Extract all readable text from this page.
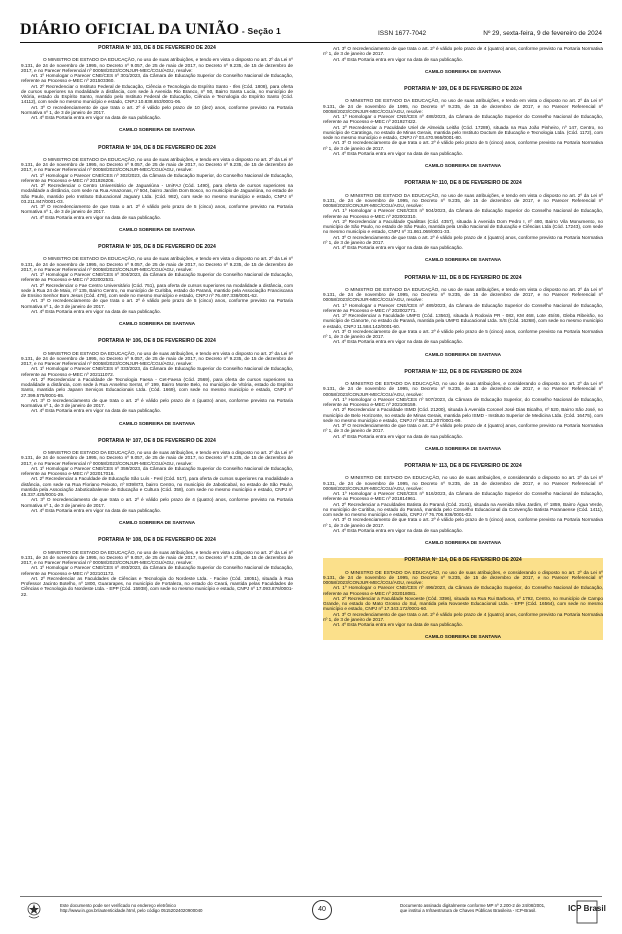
DIÁRIO OFICIAL DA UNIÃO - Seção 1	ISSN 1677-7042	Nº 29, sexta-feira, 9 de fevereiro de 2024
PORTARIA Nº 103, DE 8 DE FEVEREIRO DE 2024

O MINISTRO DE ESTADO DA EDUCAÇÃO, no uso de suas atribuições, e tendo em vista o disposto no art. 2º da Lei nº 9.131, de 24 de novembro de 1995, no Decreto nº 9.057, de 25 de maio de 2017, no Decreto nº 9.235, de 15 de dezembro de 2017, e no Parecer Referencial nº 00058/2023/CONJUR-MEC/CGU/AGU, resolve:

Art. 1º Homologar o Parecer CNE/CES nº 301/2023, da Câmara de Educação Superior do Conselho Nacional de Educação, referente ao Processo e-MEC nº 201503360.

Art. 2º Recredenciar o Instituto Federal de Educação, Ciência e Tecnologia do Espírito Santo - Ifes (Cód. 1808), para oferta de cursos superiores na modalidade a distância, com sede à Avenida Rio Branco, nº 50, Bairro Santa Lucia, no município de Vitória, estado do Espírito Santo, mantido pelo Instituto Federal de Educação, Ciência e Tecnologia do Espírito Santo (Cód. 14112), com sede no mesmo município e estado, CNPJ 10.838.653/0001-06.

Art. 3º O recredenciamento de que trata o art. 2º é válido pelo prazo de 10 (dez) anos, conforme previsto na Portaria Normativa nº 1, de 3 de janeiro de 2017.

Art. 4º Esta Portaria entra em vigor na data de sua publicação.

CAMILO SOBREIRA DE SANTANA
PORTARIA Nº 104, DE 8 DE FEVEREIRO DE 2024

O MINISTRO DE ESTADO DA EDUCAÇÃO, no uso de suas atribuições, e tendo em vista o disposto no art. 2º da Lei nº 9.131, de 24 de novembro de 1995, no Decreto nº 9.057, de 25 de maio de 2017, no Decreto nº 9.235, de 15 de dezembro de 2017, e no Parecer Referencial nº 00058/2023/CONJUR-MEC/CGU/AGU, resolve:

Art. 1º Homologar o Parecer CNE/CES nº 302/2023, da Câmara de Educação Superior, do Conselho Nacional de Educação, referente ao Processo e-MEC nº 201926206.

Art. 2º Recredenciar o Centro Universitário de Jaguariúna - UniFAJ (Cód. 1490), para oferta de cursos superiores na modalidade a distância, com sede na Rua Amazonas, nº 504, bairro Jardim Dom Bosco, no município de Jaguariúna, no estado de São Paulo, mantido pelo Instituto Educacional Jaguary Ltda. (Cód. 982), com sede no mesmo município e estado, CNPJ nº 03.211.847/0001-03.

Art. 3º O recredenciamento de que trata o art. 2º é válido pelo prazo de 5 (cinco) anos, conforme previsto na Portaria Normativa nº 1, de 3 de janeiro de 2017.

Art. 4º Esta Portaria entra em vigor na data de sua publicação.

CAMILO SOBREIRA DE SANTANA
PORTARIA Nº 105, DE 8 DE FEVEREIRO DE 2024

O MINISTRO DE ESTADO DA EDUCAÇÃO, no uso de suas atribuições, e tendo em vista o disposto no art. 2º da Lei nº 9.131, de 24 de novembro de 1995, no Decreto nº 9.057, de 25 de maio de 2017, no Decreto nº 9.235, de 15 de dezembro de 2017, e no Parecer Referencial nº 00058/2023/CONJUR-MEC/CGU/AGU, resolve:

Art. 1º Homologar o Parecer CNE/CES nº 304/2023, da Câmara de Educação Superior do Conselho Nacional de Educação, referente ao Processo e-MEC nº 202002531.

Art. 2º Recredenciar o Fae Centro Universitário (Cód. 751), para oferta de cursos superiores na modalidade a distância, com sede à Rua 24 de Maio, nº 135, Bairro Centro, no município de Curitiba, estado do Paraná, mantido pela Associação Franciscana de Ensino Senhor Bom Jesus (Cód. 478), com sede no mesmo município e estado, CNPJ nº 76.497.338/0001-62.

Art. 3º O recredenciamento de que trata o art. 2º é válido pelo prazo de 5 (cinco) anos, conforme previsto na Portaria Normativa nº 1, de 3 de janeiro de 2017.

Art. 4º Esta Portaria entra em vigor na data de sua publicação.

CAMILO SOBREIRA DE SANTANA
PORTARIA Nº 106, DE 8 DE FEVEREIRO DE 2024

O MINISTRO DE ESTADO DA EDUCAÇÃO, no uso de suas atribuições, e tendo em vista o disposto no art. 2º da Lei nº 9.131, de 24 de novembro de 1995, no Decreto nº 9.057, de 25 de maio de 2017, no Decreto nº 9.235, de 15 de dezembro de 2017, e no Parecer Referencial nº 00058/2023/CONJUR-MEC/CGU/AGU, resolve:

Art. 1º Homologar o Parecer CNE/CES nº 333/2023, da Câmara de Educação Superior do Conselho Nacional de Educação, referente ao Processo e-MEC nº 202111072.

Art. 2º Recredenciar a Faculdade de Tecnologia Faesa - Cet-Faesa (Cód. 2569), para oferta de cursos superiores na modalidade a distância, com sede à Rua Anselmo Serrat, nº 199, Bairro Monte Belo, no município de Vitória, estado do Espírito Santo, mantida pelo Japann Serviços Educacionais Ltda. (Cód. 1669), com sede no mesmo município e estado, CNPJ nº 27.399.575/0001-85.

Art. 3º O recredenciamento de que trata o art. 2º é válido pelo prazo de 4 (quatro) anos, conforme previsto na Portaria Normativa nº 1, de 3 de janeiro de 2017.

Art. 4º Esta Portaria entra em vigor na data de sua publicação.

CAMILO SOBREIRA DE SANTANA
PORTARIA Nº 107, DE 8 DE FEVEREIRO DE 2024

O MINISTRO DE ESTADO DA EDUCAÇÃO, no uso de suas atribuições, e tendo em vista o disposto no art. 2º da Lei nº 9.131, de 24 de novembro de 1995, no Decreto nº 9.057, de 25 de maio de 2017, no Decreto nº 9.235, de 15 de dezembro de 2017, e no Parecer Referencial nº 00058/2023/CONJUR-MEC/CGU/AGU, resolve:

Art. 1º Homologar o Parecer CNE/CES nº 359/2023, da Câmara de Educação Superior do Conselho Nacional de Educação, referente ao Processo e-MEC nº 202017016.

Art. 2º Recredenciar a Faculdade de Educação São Luís - Fesl (Cód. 517), para oferta de cursos superiores na modalidade a distância, com sede na Rua Floriano Peixoto, nº 839/873, bairro Centro, no município de Jaboticabal, no estado de São Paulo, mantida pela Associação Jaboticabalense de Educação e Cultura (Cód. 358), com sede no mesmo município e estado, CNPJ nº 45.337.425/0001-29.

Art. 3º O recredenciamento de que trata o art. 2º é válido pelo prazo de 4 (quatro) anos, conforme previsto na Portaria Normativa nº 1, de 3 de janeiro de 2017.

Art. 4º Esta Portaria entra em vigor na data de sua publicação.

CAMILO SOBREIRA DE SANTANA
PORTARIA Nº 108, DE 8 DE FEVEREIRO DE 2024

O MINISTRO DE ESTADO DA EDUCAÇÃO, no uso de suas atribuições, e tendo em vista o disposto no art. 2º da Lei nº 9.131, de 24 de novembro de 1995, no Decreto nº 9.057, de 25 de maio de 2017, no Decreto nº 9.235, de 15 de dezembro de 2017, e no Parecer Referencial nº 00058/2023/CONJUR-MEC/CGU/AGU, resolve:

Art. 1º Homologar o Parecer CNE/CES nº 493/2023, da Câmara de Educação Superior do Conselho Nacional de Educação, referente ao Processo e-MEC nº 202101172.

Art. 2º Recredenciar as Faculdades de Ciências e Tecnologia do Nordeste Ltda. - Facine (Cód. 18051), situada à Rua Professor Jacinto Botelho, nº 1800, Guararapes, no município de Fortaleza, no estado do Ceará, mantida pelas Faculdades de Ciências e Tecnologia do Nordeste Ltda. - EPP (Cód. 15938), com sede no mesmo município e estado, CNPJ nº 17.093.876/0001-22.

Art. 3º O recredenciamento de que trata o art. 2º é válido pelo prazo de 4 (quatro) anos, conforme previsto na Portaria Normativa nº 1, de 3 de janeiro de 2017.

Art. 4º Esta Portaria entra em vigor na data de sua publicação.

CAMILO SOBREIRA DE SANTANA
PORTARIA Nº 109, DE 8 DE FEVEREIRO DE 2024

O MINISTRO DE ESTADO DA EDUCAÇÃO, no uso de suas atribuições, e tendo em vista o disposto no art. 2º da Lei nº 9.131, de 24 de novembro de 1995, no Decreto nº 9.235, de 15 de dezembro de 2017, e no Parecer Referencial nº 00058/2023/CONJUR-MEC/CGU/AGU, resolve:

Art. 1º Homologar o Parecer CNE/CES nº 488/2023, da Câmara de Educação Superior do Conselho Nacional de Educação, referente ao Processo e-MEC nº 201927422.

Art. 2º Recredenciar a Faculdade Uriel de Almeida Leitão (Cód. 17289), situada na Rua João Pinheiro, nº 147, Centro, no município de Caratinga, no estado de Minas Gerais, mantida pelo Instituto Doctum de Educação e Tecnologia Ltda. (Cód. 1172), com sede no mesmo município e estado, CNPJ nº 03.470.966/0001-80.

Art. 3º O recredenciamento de que trata o art. 2º é válido pelo prazo de 5 (cinco) anos, conforme previsto na Portaria Normativa nº 1, de 3 de janeiro de 2017.

Art. 4º Esta Portaria entra em vigor na data de sua publicação.

CAMILO SOBREIRA DE SANTANA
PORTARIA Nº 110, DE 8 DE FEVEREIRO DE 2024

O MINISTRO DE ESTADO DA EDUCAÇÃO, no uso de suas atribuições, e tendo em vista o disposto no art. 2º da Lei nº 9.131, de 24 de novembro de 1995, no Decreto nº 9.235, de 15 de dezembro de 2017, e no Parecer Referencial nº 00058/2023/CONJUR-MEC/CGU/AGU, resolve:

Art. 1º Homologar o Parecer CNE/CES nº 504/2023, da Câmara de Educação Superior do Conselho Nacional de Educação, referente ao Processo e-MEC nº 202002310.

Art. 2º Recredenciar a Faculdade Qualittas (Cód. 4357), situada à Avenida Dom Pedro I, nº 480, Bairro Vila Monumento, no município de São Paulo, no estado de São Paulo, mantida pela União Nacional de Educação e Ciências Ltda (Cód. 17243), com sede no mesmo município e estado, CNPJ nº 31.861.069/0001-33.

Art. 3º O recredenciamento de que trata o art. 2º é válido pelo prazo de 4 (quatro) anos, conforme previsto na Portaria Normativa nº 1, de 3 de janeiro de 2017.

Art. 4º Esta Portaria entra em vigor na data de sua publicação.

CAMILO SOBREIRA DE SANTANA
PORTARIA Nº 111, DE 8 DE FEVEREIRO DE 2024

O MINISTRO DE ESTADO DA EDUCAÇÃO, no uso de suas atribuições, e tendo em vista o disposto no art. 2º da Lei nº 9.131, de 24 de novembro de 1995, no Decreto nº 9.235, de 15 de dezembro de 2017, e no Parecer Referencial nº 00058/2023/CONJUR-MEC/CGU/AGU, resolve:

Art. 1º Homologar o Parecer CNE/CES nº 489/2023, da Câmara de Educação Superior do Conselho Nacional de Educação, referente ao Processo e-MEC nº 202002771.

Art. 2º Recredenciar a Faculdade UMFG (Cód. 13563), situada à Rodovia PR - 082, KM 468, Lote 45/46, Gleba Ribeirão, no município de Cianorte, no estado do Paraná, mantida pela UMFG Educacional Ltda. S/S (Cód. 16268), com sede no mesmo município e estado, CNPJ 11.584.142/0001-60.

Art. 3º O recredenciamento de que trata o art. 2º é válido pelo prazo de 5 (cinco) anos, conforme previsto na Portaria Normativa nº 1, de 3 de janeiro de 2017.

Art. 4º Esta Portaria entra em vigor na data de sua publicação.

CAMILO SOBREIRA DE SANTANA
PORTARIA Nº 112, DE 8 DE FEVEREIRO DE 2024

O MINISTRO DE ESTADO DA EDUCAÇÃO, no uso de suas atribuições, e considerando o disposto no art. 2º da Lei nº 9.131, de 24 de novembro de 1995, no Decreto nº 9.235, de 15 de dezembro de 2017, e no Parecer Referencial nº 00058/2023/CONJUR-MEC/CGU/AGU, resolve:

Art. 1º Homologar o Parecer CNE/CES nº 507/2023, da Câmara de Educação Superior, do Conselho Nacional de Educação, referente ao Processo e-MEC nº 202108159.

Art. 2º Recredenciar a Faculdade ISMD (Cód. 21200), situada à Avenida Coronel José Dias Bicalho, nº 520, Bairro São José, no município de Belo Horizonte, no estado de Minas Gerais, mantida pelo ISMD - Instituto Superior de Medicina Ltda. (Cód. 16475), com sede no mesmo município e estado, CNPJ nº 08.311.207/0001-99.

Art. 3º O recredenciamento de que trata o art. 2º é válido pelo prazo de 4 (quatro) anos, conforme previsto na Portaria Normativa nº 1, de 3 de janeiro de 2017.

Art. 4º Esta Portaria entra em vigor na data de sua publicação.

CAMILO SOBREIRA DE SANTANA
PORTARIA Nº 113, DE 8 DE FEVEREIRO DE 2024

O MINISTRO DE ESTADO DA EDUCAÇÃO, no uso de suas atribuições, e considerando o disposto no art. 2º da Lei nº 9.131, de 24 de novembro de 1995, no Decreto nº 9.235, de 15 de dezembro de 2017, e no Parecer Referencial nº 00058/2023/CONJUR-MEC/CGU/AGU, resolve:

Art. 1º Homologar o Parecer CNE/CES nº 516/2023, da Câmara de Educação Superior do Conselho Nacional de Educação, referente ao Processo e-MEC nº 201814961.

Art. 2º Recredenciar a Faculdades Batista do Paraná (Cód. 2141), situada na Avenida Silva Jardim, nº 1859, Bairro Água Verde, no município de Curitiba, no estado do Paraná, mantida pelo Conselho Educacional da Convenção Batista Paranaense (Cód. 1411), com sede no mesmo município e estado, CNPJ nº 76.706.936/0001-02.

Art. 3º O recredenciamento de que trata o art. 2º é válido pelo prazo de 5 (cinco) anos, conforme previsto na Portaria Normativa nº 1, de 3 de janeiro de 2017.

Art. 4º Esta Portaria entra em vigor na data de sua publicação.

CAMILO SOBREIRA DE SANTANA
PORTARIA Nº 114, DE 8 DE FEVEREIRO DE 2024

O MINISTRO DE ESTADO DA EDUCAÇÃO, no uso de suas atribuições, e considerando o disposto no art. 2º da Lei nº 9.131, de 24 de novembro de 1995, no Decreto nº 9.235, de 15 de dezembro de 2017, e no Parecer Referencial nº 00058/2023/CONJUR-MEC/CGU/AGU, resolve:

Art. 1º Homologar o Parecer CNE/CES nº 496/2023, da Câmara de Educação Superior, do Conselho Nacional de Educação, referente ao Processo e-MEC nº 202018081.

Art. 2º Recredenciar a Faculdade Novoeste (Cód. 3396), situada na Rua Rui Barbosa, nº 1792, Centro, no município de Campo Grande, no estado do Mato Grosso do Sul, mantida pela Novoeste Educacional Ltda. - EPP (Cód. 16564), com sede no mesmo município e estado, CNPJ nº 17.343.172/0001-60.

Art. 3º O recredenciamento de que trata o art. 2º é válido pelo prazo de 4 (quatro) anos, conforme previsto na Portaria Normativa nº 1, de 3 de janeiro de 2017.

Art. 4º Esta Portaria entra em vigor na data de sua publicação.

CAMILO SOBREIRA DE SANTANA
Este documento pode ser verificado no endereço eletrônico
http://www.in.gov.br/autenticidade.html, pelo código 05152024020900040	40
Documento assinado digitalmente conforme MP nº 2.200-2 de 24/08/2001,
que institui a Infraestrutura de Chaves Públicas Brasileira - ICP-Brasil.	ICP Brasil
